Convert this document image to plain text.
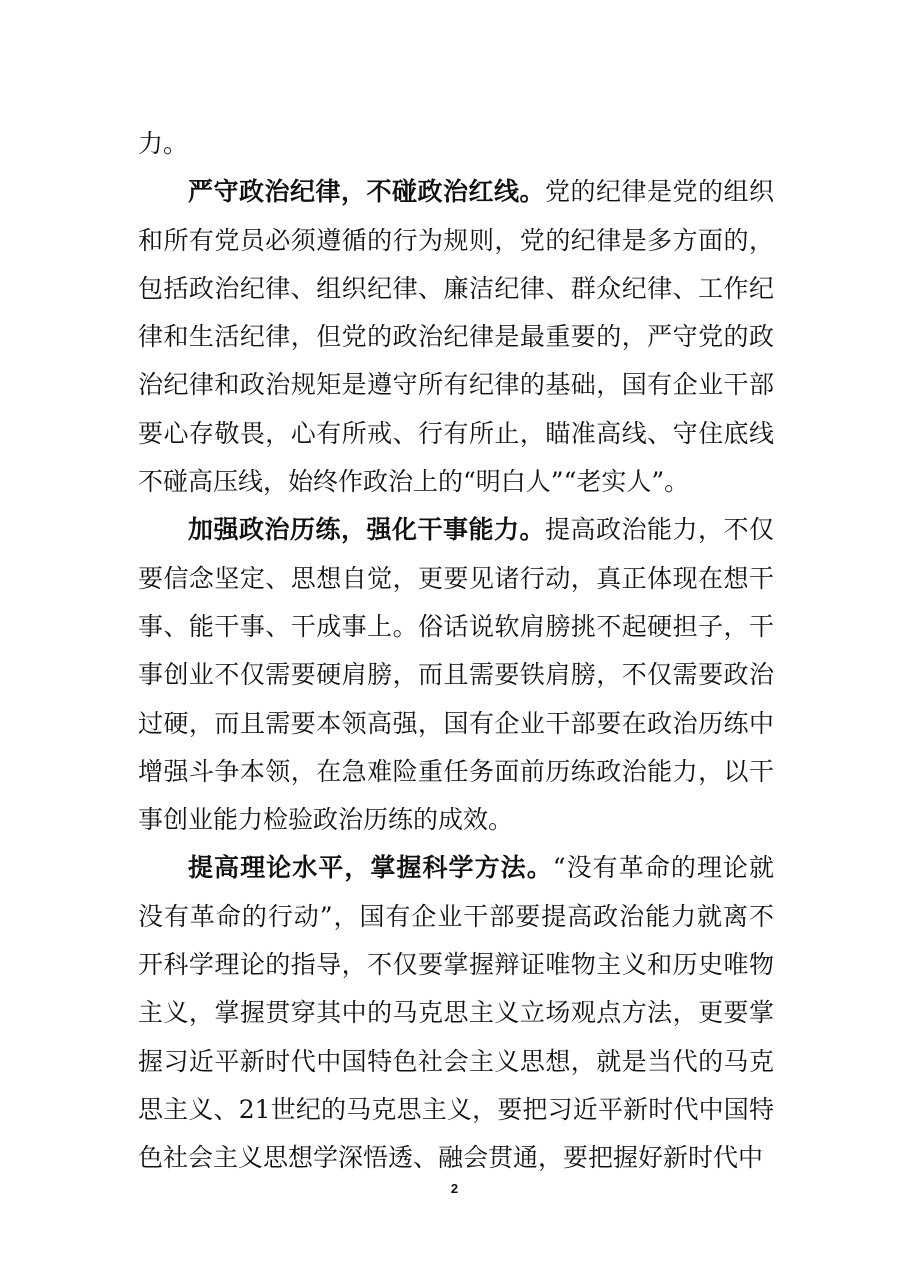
力。

严守政治纪律，不碰政治红线。党的纪律是党的组织和所有党员必须遵循的行为规则，党的纪律是多方面的，包括政治纪律、组织纪律、廉洁纪律、群众纪律、工作纪律和生活纪律，但党的政治纪律是最重要的，严守党的政治纪律和政治规矩是遵守所有纪律的基础，国有企业干部要心存敬畏，心有所戒、行有所止，瞄准高线、守住底线不碰高压线，始终作政治上的“明白人”“老实人”。

加强政治历练，强化干事能力。提高政治能力，不仅要信念坚定、思想自觉，更要见诸行动，真正体现在想干事、能干事、干成事上。俗话说软肩膀挑不起硬担子，干事创业不仅需要硬肩膀，而且需要铁肩膀，不仅需要政治过硬，而且需要本领高强，国有企业干部要在政治历练中增强斗争本领，在急难险重任务面前历练政治能力，以干事创业能力检验政治历练的成效。

提高理论水平，掌握科学方法。“没有革命的理论就没有革命的行动”，国有企业干部要提高政治能力就离不开科学理论的指导，不仅要掌握辩证唯物主义和历史唯物主义，掌握贯穿其中的马克思主义立场观点方法，更要掌握习近平新时代中国特色社会主义思想，就是当代的马克思主义、21世纪的马克思主义，要把习近平新时代中国特色社会主义思想学深悟透、融会贯通，要把握好新时代中

2
